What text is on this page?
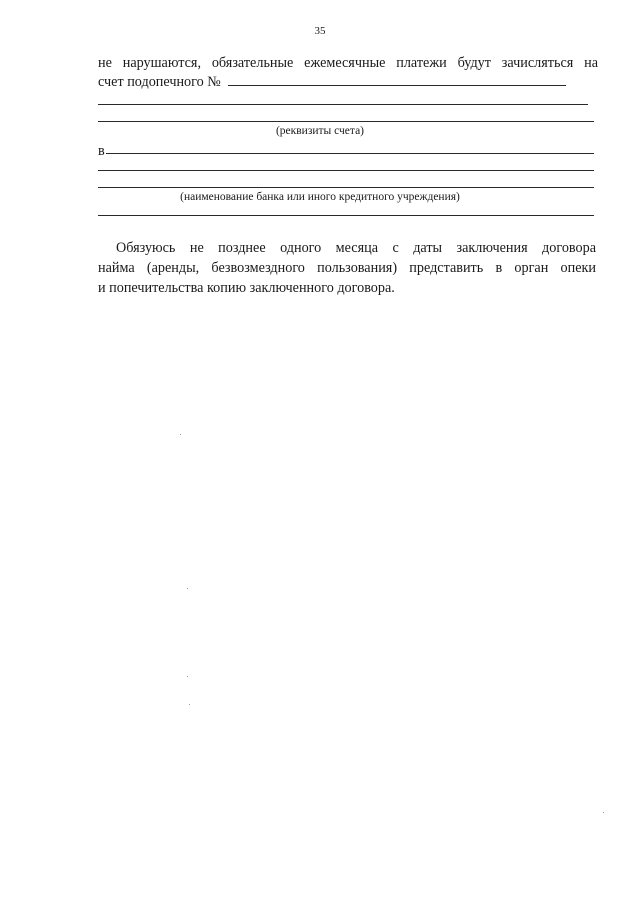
35
не нарушаются, обязательные ежемесячные платежи будут зачисляться на
счет подопечного №
(реквизиты счета)
в
(наименование банка или иного кредитного учреждения)
Обязуюсь не позднее одного месяца с даты заключения договора
найма (аренды, безвозмездного пользования) представить в орган опеки
и попечительства копию заключенного договора.
